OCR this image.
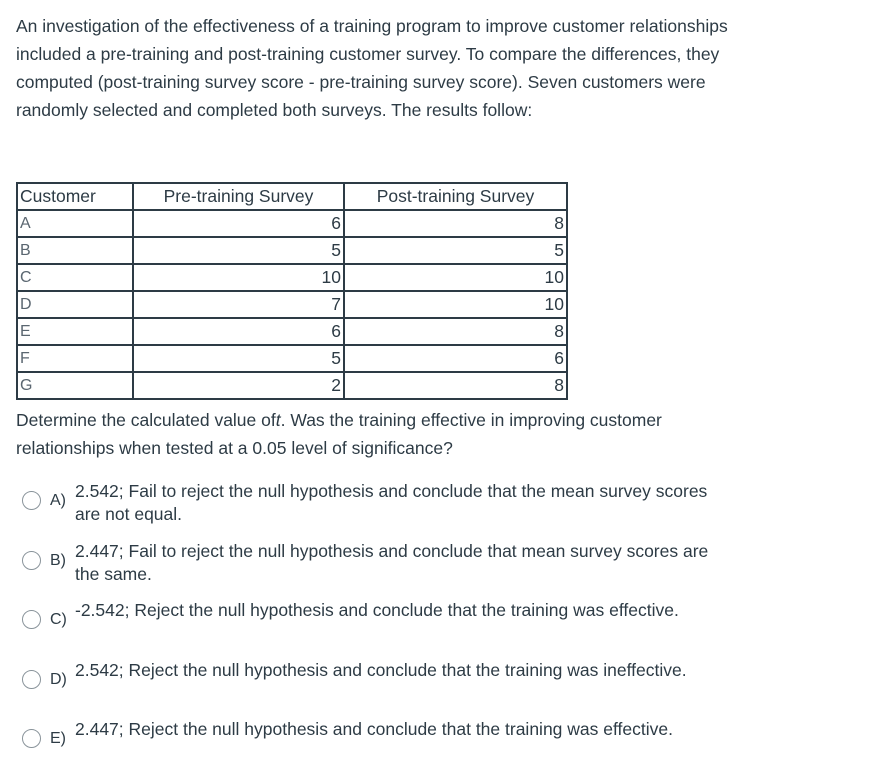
An investigation of the effectiveness of a training program to improve customer relationships included a pre-training and post-training customer survey. To compare the differences, they computed (post-training survey score - pre-training survey score). Seven customers were randomly selected and completed both surveys. The results follow:

Customer	Pre-training Survey	Post-training Survey
A	6	8
B	5	5
C	10	10
D	7	10
E	6	8
F	5	6
G	2	8

Determine the calculated value oft. Was the training effective in improving customer relationships when tested at a 0.05 level of significance?

A) 2.542; Fail to reject the null hypothesis and conclude that the mean survey scores are not equal.
B) 2.447; Fail to reject the null hypothesis and conclude that mean survey scores are the same.
C) -2.542; Reject the null hypothesis and conclude that the training was effective.
D) 2.542; Reject the null hypothesis and conclude that the training was ineffective.
E) 2.447; Reject the null hypothesis and conclude that the training was effective.
